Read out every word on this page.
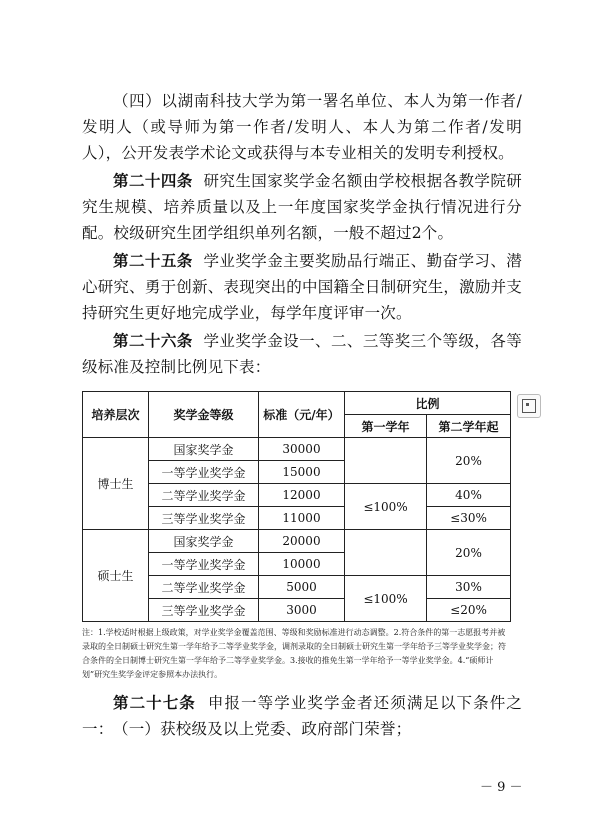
（四）以湖南科技大学为第一署名单位、本人为第一作者/发明人（或导师为第一作者/发明人、本人为第二作者/发明人），公开发表学术论文或获得与本专业相关的发明专利授权。
第二十四条 研究生国家奖学金名额由学校根据各教学院研究生规模、培养质量以及上一年度国家奖学金执行情况进行分配。校级研究生团学组织单列名额，一般不超过2个。
第二十五条 学业奖学金主要奖励品行端正、勤奋学习、潜心研究、勇于创新、表现突出的中国籍全日制研究生，激励并支持研究生更好地完成学业，每学年度评审一次。
第二十六条 学业奖学金设一、二、三等奖三个等级，各等级标准及控制比例见下表：
培养层次	奖学金等级	标准（元/年）	比例	
			第一学年	第二学年起
博士生	国家奖学金	30000		20%
	一等学业奖学金	15000		
	二等学业奖学金	12000	≤100%	40%
	三等学业奖学金	11000		≤30%
硕士生	国家奖学金	20000		20%
	一等学业奖学金	10000		
	二等学业奖学金	5000	≤100%	30%
	三等学业奖学金	3000		≤20%
注：1.学校适时根据上级政策，对学业奖学金覆盖范围、等级和奖励标准进行动态调整。2.符合条件的第一志愿报考并被录取的全日制硕士研究生第一学年给予二等学业奖学金，调剂录取的全日制硕士研究生第一学年给予三等学业奖学金；符合条件的全日制博士研究生第一学年给予二等学业奖学金。3.接收的推免生第一学年给予一等学业奖学金。4.“硕师计划”研究生奖学金评定参照本办法执行。
第二十七条 申报一等学业奖学金者还须满足以下条件之一： （一）获校级及以上党委、政府部门荣誉；
－ 9 －
